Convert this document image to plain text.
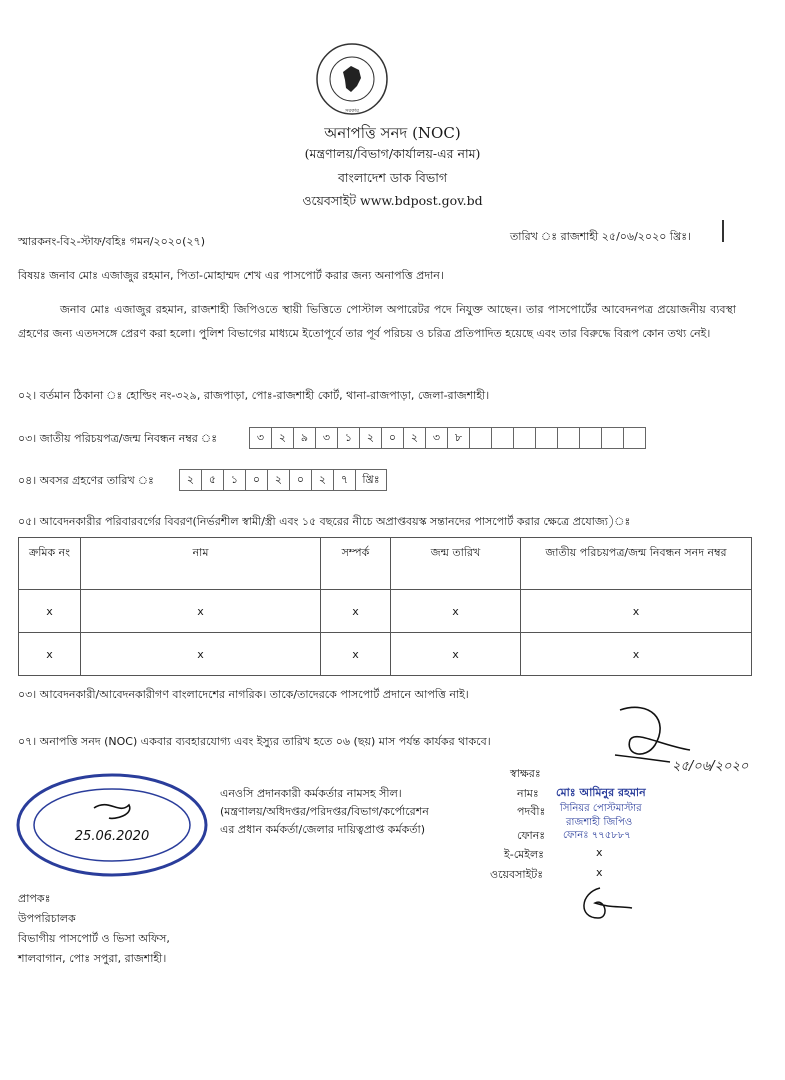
সরকার
অনাপত্তি সনদ (NOC)
(মন্ত্রণালয়/বিভাগ/কার্যালয়-এর নাম)
বাংলাদেশ ডাক বিভাগ
ওয়েবসাইট www.bdpost.gov.bd
স্মারকনং-বি২-স্টাফ/বহিঃ গমন/২০২০(২৭)	তারিখ ঃ রাজশাহী ২৫/০৬/২০২০ খ্রিঃ।
বিষয়ঃ জনাব মোঃ এজাজুর রহমান, পিতা-মোহাম্মদ শেখ এর পাসপোর্ট করার জন্য অনাপত্তি প্রদান।
জনাব মোঃ এজাজুর রহমান, রাজশাহী জিপিওতে স্থায়ী ভিত্তিতে পোস্টাল অপারেটর পদে নিযুক্ত আছেন। তার পাসপোর্টের আবেদনপত্র প্রয়োজনীয় ব্যবস্থা গ্রহণের জন্য এতদসঙ্গে প্রেরণ করা হলো। পুলিশ বিভাগের মাধ্যমে ইতোপূর্বে তার পূর্ব পরিচয় ও চরিত্র প্রতিপাদিত হয়েছে এবং তার বিরুদ্ধে বিরূপ কোন তথ্য নেই।
০২। বর্তমান ঠিকানা ঃ হোল্ডিং নং-৩২৯, রাজপাড়া, পোঃ-রাজশাহী কোর্ট, থানা-রাজপাড়া, জেলা-রাজশাহী।
০৩। জাতীয় পরিচয়পত্র/জন্ম নিবন্ধন নম্বর ঃ	৩	২	৯	৩	১	২	০	২	৩	৮
০৪। অবসর গ্রহণের তারিখ ঃ	২	৫	১	০	২	০	২	৭	খ্রিঃ
০৫। আবেদনকারীর পরিবারবর্গের বিবরণ(নির্ভরশীল স্বামী/স্ত্রী এবং ১৫ বছরের নীচে অপ্রাপ্তবয়স্ক সন্তানদের পাসপোর্ট করার ক্ষেত্রে প্রযোজ্য)ঃ
ক্রমিক নং	নাম	সম্পর্ক	জন্ম তারিখ	জাতীয় পরিচয়পত্র/জন্ম নিবন্ধন সনদ নম্বর
x	x	x	x	x
x	x	x	x	x
০৩। আবেদনকারী/আবেদনকারীগণ বাংলাদেশের নাগরিক। তাকে/তাদেরকে পাসপোর্ট প্রদানে আপত্তি নাই।
০৭। অনাপত্তি সনদ (NOC) একবার ব্যবহারযোগ্য এবং ইস্যুর তারিখ হতে ০৬ (ছয়) মাস পর্যন্ত কার্যকর থাকবে।
২৫/০৬/২০২০
25.06.2020
এনওসি প্রদানকারী কর্মকর্তার নামসহ সীল।
(মন্ত্রণালয়/অধিদপ্তর/পরিদপ্তর/বিভাগ/কর্পোরেশন
এর প্রধান কর্মকর্তা/জেলার দায়িত্বপ্রাপ্ত কর্মকর্তা)
স্বাক্ষরঃ
নামঃ মোঃ আমিনুর রহমান
পদবীঃ সিনিয়র পোস্টমাস্টার
রাজশাহী জিপিও
ফোনঃ ফোনঃ ৭৭৫৮৮৭
ই-মেইলঃ	x
ওয়েবসাইটঃ	x
প্রাপকঃ
উপপরিচালক
বিভাগীয় পাসপোর্ট ও ভিসা অফিস,
শালবাগান, পোঃ সপুরা, রাজশাহী।
